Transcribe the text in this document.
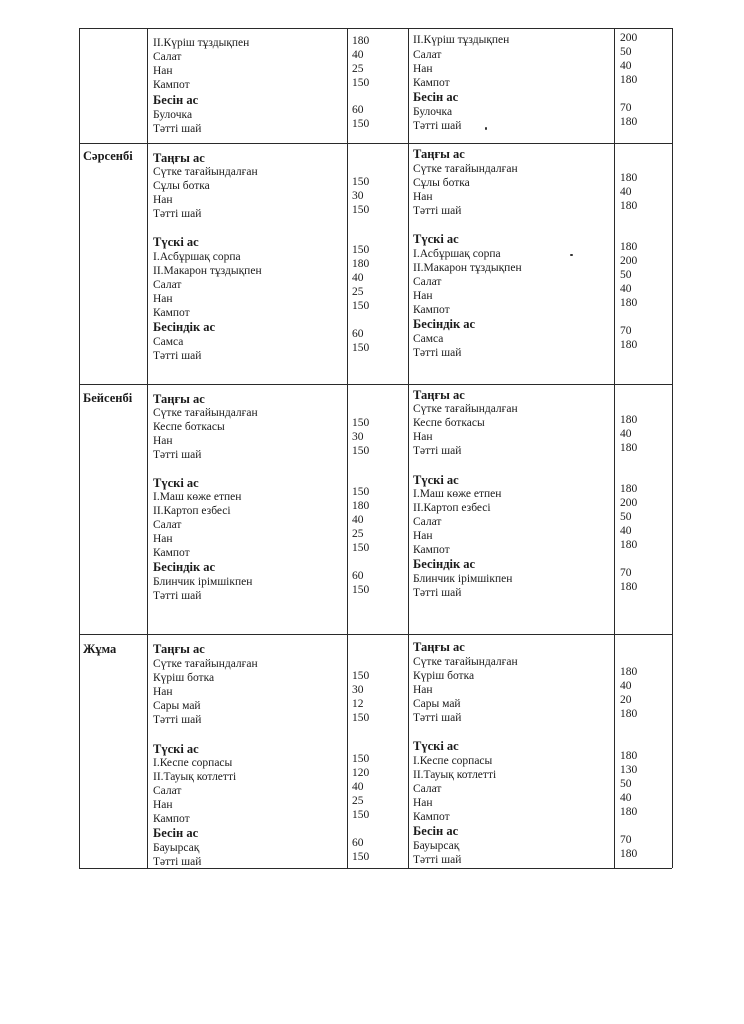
II.Күріш тұздықпен
Салат
Нан
Кампот
Бесін ас
Булочка
Тәтті шай
II.Күріш тұздықпен
Салат
Нан
Кампот
Бесін ас
Булочка
Тәтті шай
180
40
25
150
60
150
200
50
40
180
70
180
Сәрсенбі Таңғы ас
Сүтке тағайындалған
Сұлы ботка
Нан
Тәтті шай
Түскі ас
I.Асбұршақ сорпа
II.Макарон тұздықпен
Салат
Нан
Кампот
Бесіндік ас
Самса
Тәтті шай
Таңғы ас
Сүтке тағайындалған
Сұлы ботка
Нан
Тәтті шай
Түскі ас
I.Асбұршақ сорпа
II.Макарон тұздықпен
Салат
Нан
Кампот
Бесіндік ас
Самса
Тәтті шай
150
30
150
150
180
40
25
150
60
150
180
40
180
180
200
50
40
180
70
180
Бейсенбі Таңғы ас
Сүтке тағайындалған
Кеспе боткасы
Нан
Тәтті шай
Түскі ас
I.Маш көже етпен
II.Картоп езбесі
Салат
Нан
Кампот
Бесіндік ас
Блинчик ірімшікпен
Тәтті шай
Таңғы ас
Сүтке тағайындалған
Кеспе боткасы
Нан
Тәтті шай
Түскі ас
I.Маш көже етпен
II.Картоп езбесі
Салат
Нан
Кампот
Бесіндік ас
Блинчик ірімшікпен
Тәтті шай
150
30
150
150
180
40
25
150
60
150
180
40
180
180
200
50
40
180
70
180
Жұма	Таңғы ас
Сүтке тағайындалған
Күріш ботка
Нан
Сары май
Тәтті шай
Түскі ас
I.Кеспе сорпасы
II.Тауық котлетті
Салат
Нан
Кампот
Бесін ас
Бауырсақ
Тәтті шай
Таңғы ас
Сүтке тағайындалған
Күріш ботка
Нан
Сары май
Тәтті шай
Түскі ас
I.Кеспе сорпасы
II.Тауық котлетті
Салат
Нан
Кампот
Бесін ас
Бауырсақ
Тәтті шай
150
30
12
150
150
120
40
25
150
60
150
180
40
20
180
180
130
50
40
180
70
180
